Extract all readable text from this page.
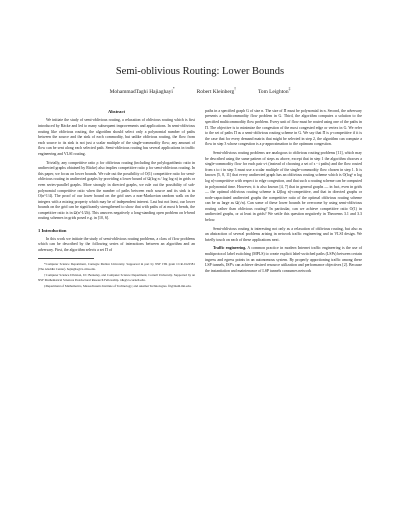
Semi-oblivious Routing: Lower Bounds
MohammadTaghi Hajiaghayi*	Robert Kleinberg†	Tom Leighton‡
Abstract

We initiate the study of semi-oblivious routing, a relaxation of oblivious routing which is first introduced by Räcke and led to many subsequent improvements and applications. In semi-oblivious routing like oblivious routing, the algorithm should select only a polynomial number of paths between the source and the sink of each commodity, but unlike oblivious routing, the flow from each source to its sink is not just a scalar multiple of the single-commodity flow; any amount of flow can be sent along each selected path. Semi-oblivious routing has several applications in traffic engineering and VLSI routing.

Trivially, any competitive ratio ρ for oblivious routing (including the polylogarithmic ratio in undirected graphs obtained by Räcke) also implies competitive ratio ρ for semi-oblivious routing. In this paper, we focus on lower bounds. We rule out the possibility of O(1) competitive ratio for semi-oblivious routing in undirected graphs by providing a lower bound of Ω(log n / log log n) in grids or even series-parallel graphs. More strongly in directed graphs, we rule out the possibility of sub-polynomial competitive ratio when the number of paths between each source and its sink is in O(n^1/4). The proof of our lower bound on the grid uses a non-Markovian random walk on the integers with a mixing property which may be of independent interest. Last but not least, our lower bounds on the grid can be significantly strengthened to show that with paths of at most b bends, the competitive ratio is in Ω(n^1/2b). This answers negatively a long-standing open problem on b-bend routing schemes in grids posed e.g. in [10, 6].

1 Introduction

In this work we initiate the study of semi-oblivious routing problems, a class of flow problems which can be described by the following series of interactions between an algorithm and an adversary. First, the algorithm selects a set Π of

*Computer Science Department, Carnegie Mellon University. Supported in part by NSF ITR grant CCR-0122581 (The Aladdin Center). hajiagha@cs.cmu.edu.

†Computer Science Division, UC Berkeley, and Computer Science Department, Cornell University. Supported by an NSF Mathematical Sciences Postdoctoral Research Fellowship. rdk@cs.cornell.edu.

‡Department of Mathematics, Massachusetts Institute of Technology; and Akamai Technologies. ftl@math.mit.edu.

paths in a specified graph G of size n. The size of Π must be polynomial in n. Second, the adversary presents a multicommodity flow problem in G. Third, the algorithm computes a solution to the specified multicommodity flow problem. Every unit of flow must be routed using one of the paths in Π. The objective is to minimize the congestion of the most congested edge or vertex in G. We refer to the set of paths Π as a semi-oblivious routing scheme in G. We say that Π is ρ-competitive if it is the case that for every demand matrix that might be selected in step 2, the algorithm can compute a flow in step 3 whose congestion is a ρ-approximation to the optimum congestion.

Semi-oblivious routing problems are analogous to oblivious routing problems [11], which may be described using the same pattern of steps as above, except that in step 1 the algorithm chooses a single-commodity flow for each pair s-t (instead of choosing a set of s - t paths) and the flow routed from s to t in step 3 must use a scalar multiple of the single-commodity flow chosen in step 1. It is known [5, 8, 11] that every undirected graph has an oblivious routing scheme which is O(log² n log log n)-competitive with respect to edge congestion, and that such a routing scheme can be computed in polynomial time. However, it is also known [4, 7] that in general graphs — in fact, even in grids — the optimal oblivious routing scheme is Ω(log n)-competitive, and that in directed graphs or node-capacitated undirected graphs the competitive ratio of the optimal oblivious routing scheme can be as large as Ω(√n). Can some of these lower bounds be overcome by using semi-oblivious routing rather than oblivious routing? In particular, can we achieve competitive ratio O(1) in undirected graphs, or at least in grids? We settle this question negatively in Theorems 3.1 and 3.3 below.

Semi-oblivious routing is interesting not only as a relaxation of oblivious routing, but also as an abstraction of several problems arising in network traffic engineering and in VLSI design. We briefly touch on each of these applications next.

Traffic engineering. A common practice in modern Internet traffic engineering is the use of multiprotocol label switching (MPLS) to create explicit label-switched paths (LSPs) between certain ingress and egress points in an autonomous system. By properly apportioning traffic among these LSP tunnels, ISP's can achieve desired resource utilization and performance objectives [2]. Because the instantiation and maintenance of LSP tunnels consumes network
